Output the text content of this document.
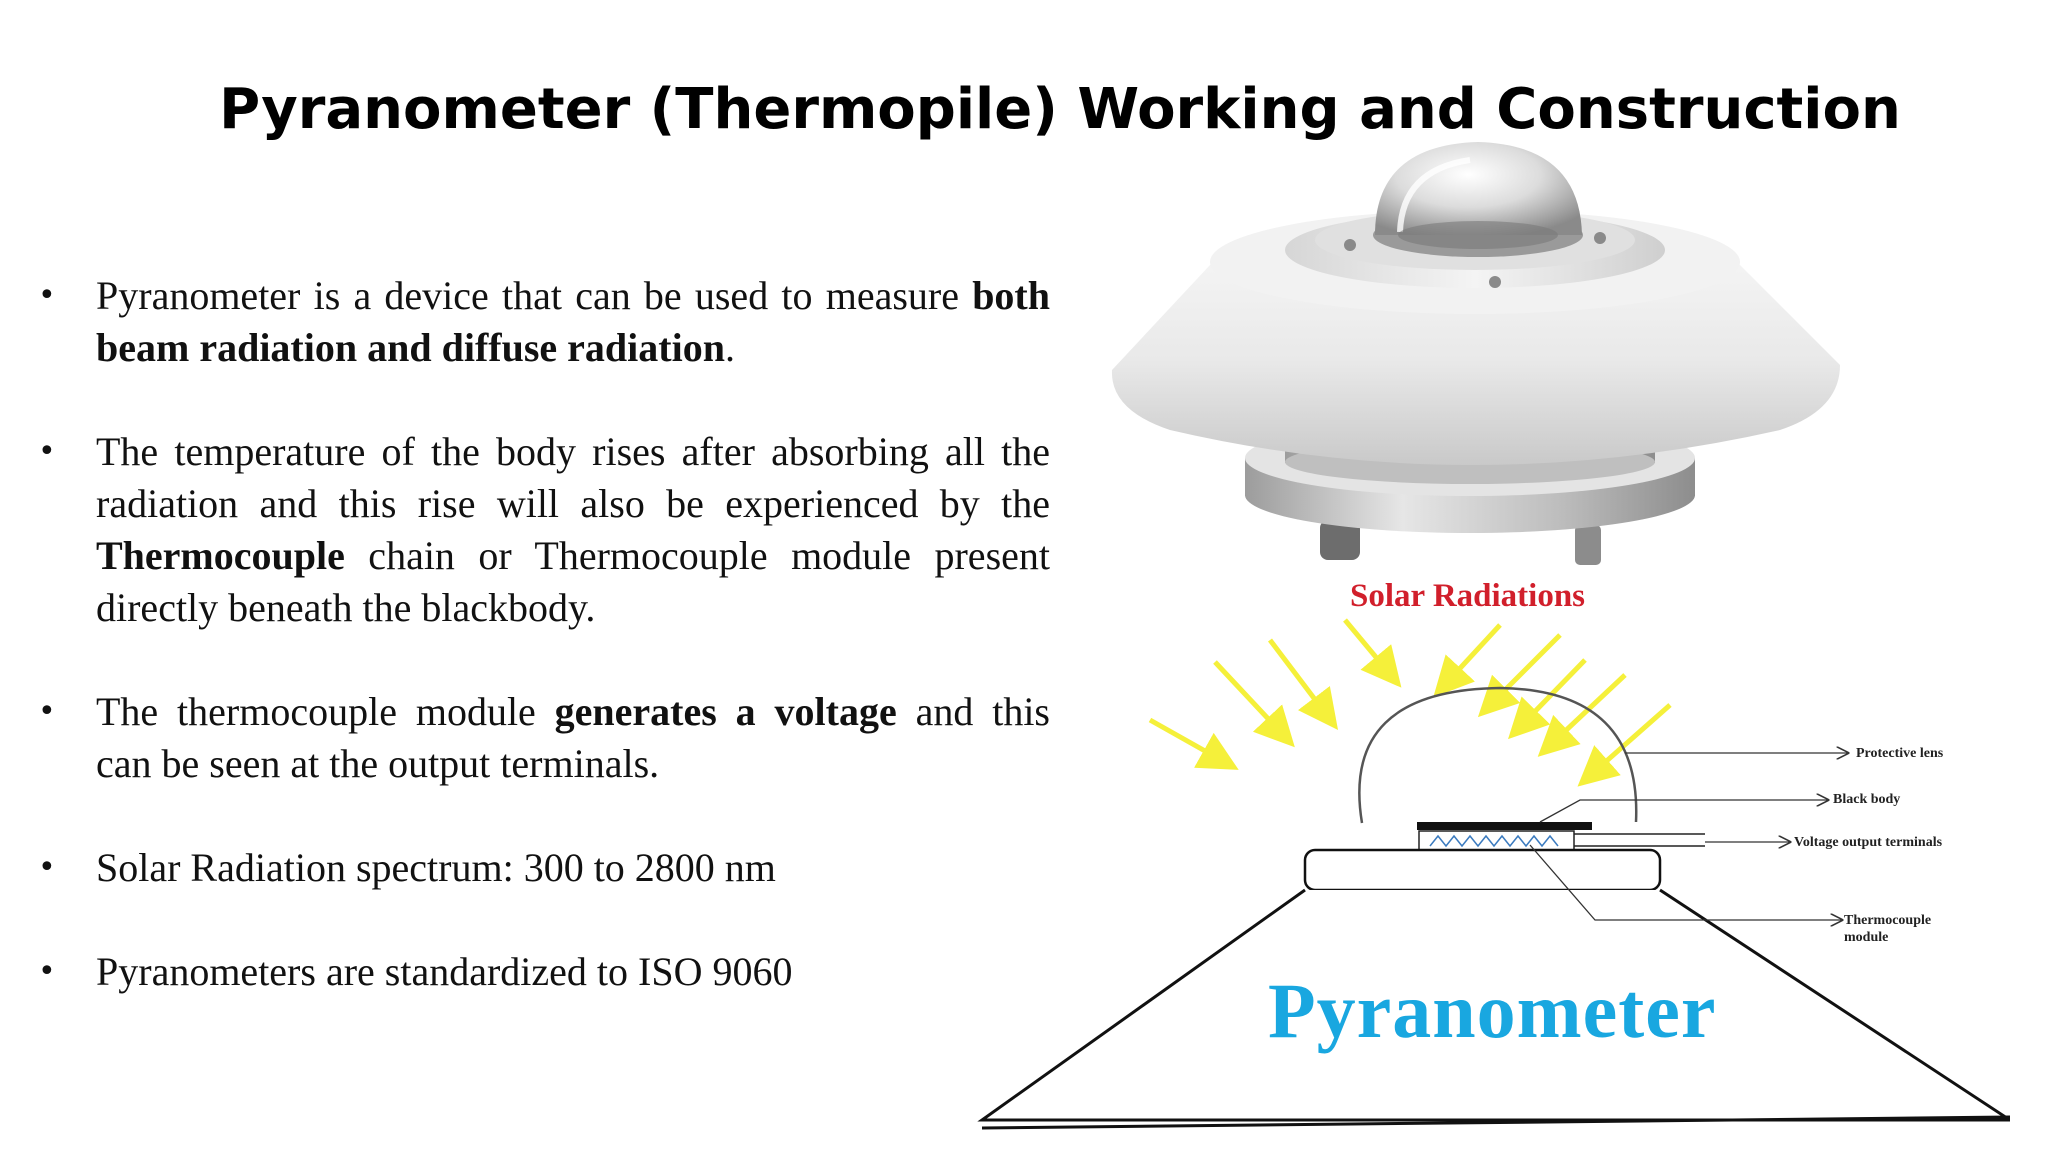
Pyranometer (Thermopile) Working and Construction
• Pyranometer is a device that can be used to measure both beam radiation and diffuse radiation.
• The temperature of the body rises after absorbing all the radiation and this rise will also be experienced by the Thermocouple chain or Thermocouple module present directly beneath the blackbody.
• The thermocouple module generates a voltage and this can be seen at the output terminals.
• Solar Radiation spectrum: 300 to 2800 nm
• Pyranometers are standardized to ISO 9060

Solar Radiations

Protective lens

Black body

Voltage output terminals

Thermocouple
module

Pyranometer
